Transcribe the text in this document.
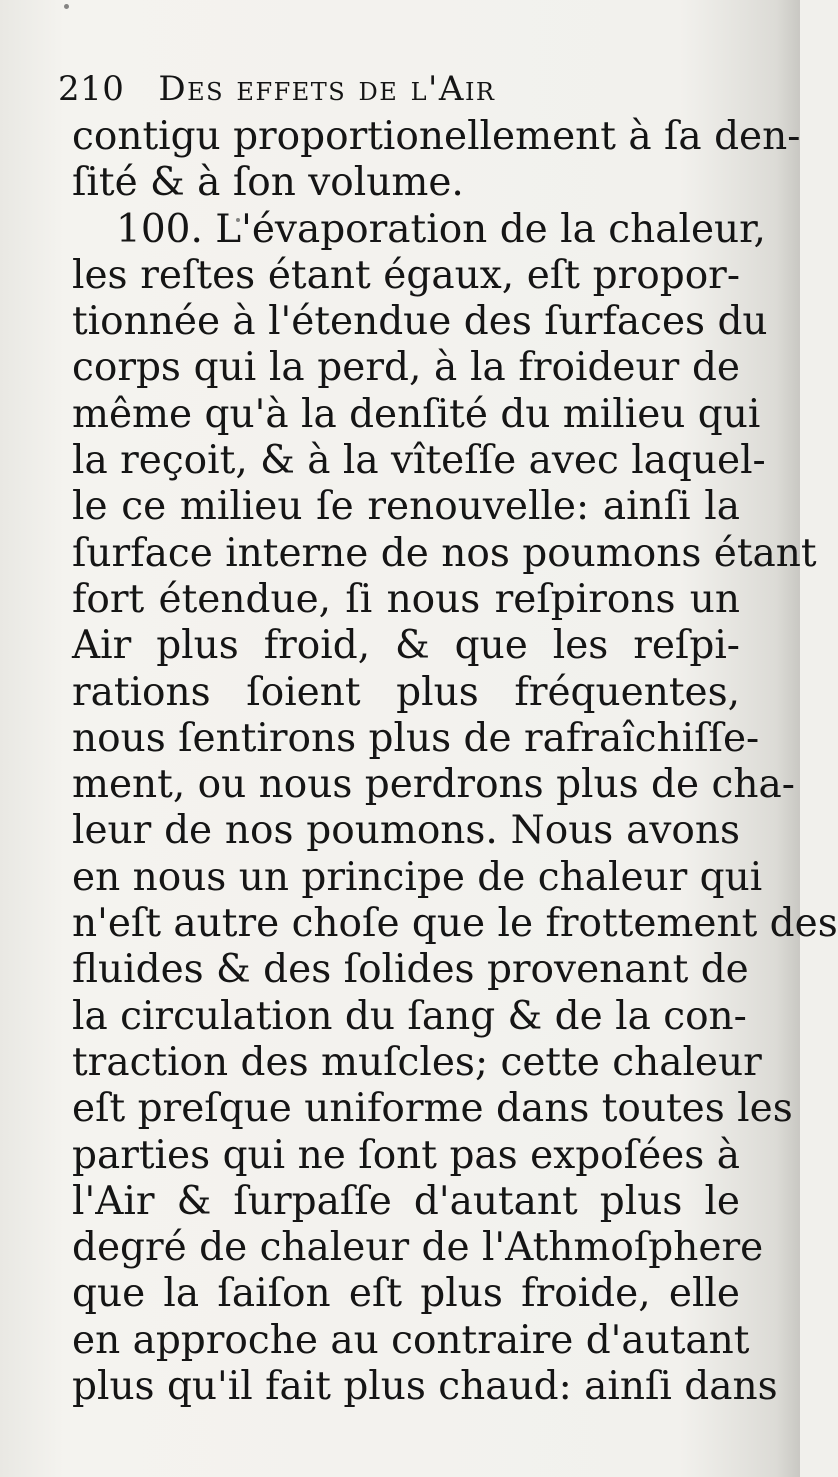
210 Des effets de l'Air
contigu proportionellement à ſa den-
ſité & à ſon volume.
100. L'évaporation de la chaleur,
les reſtes étant égaux, eſt propor-
tionnée à l'étendue des ſurfaces du
corps qui la perd, à la froideur de
même qu'à la denſité du milieu qui
la reçoit, & à la vîteſſe avec laquel-
le ce milieu ſe renouvelle: ainſi la
ſurface interne de nos poumons étant
fort étendue, ſi nous reſpirons un
Air plus froid, & que les reſpi-
rations ſoient plus fréquentes,
nous ſentirons plus de rafraîchiſſe-
ment, ou nous perdrons plus de cha-
leur de nos poumons. Nous avons
en nous un principe de chaleur qui
n'eſt autre choſe que le frottement des
fluides & des ſolides provenant de
la circulation du ſang & de la con-
traction des muſcles; cette chaleur
eſt preſque uniforme dans toutes les
parties qui ne ſont pas expoſées à
l'Air & ſurpaſſe d'autant plus le
degré de chaleur de l'Athmoſphere
que la ſaiſon eſt plus froide, elle
en approche au contraire d'autant
plus qu'il fait plus chaud: ainſi dans
